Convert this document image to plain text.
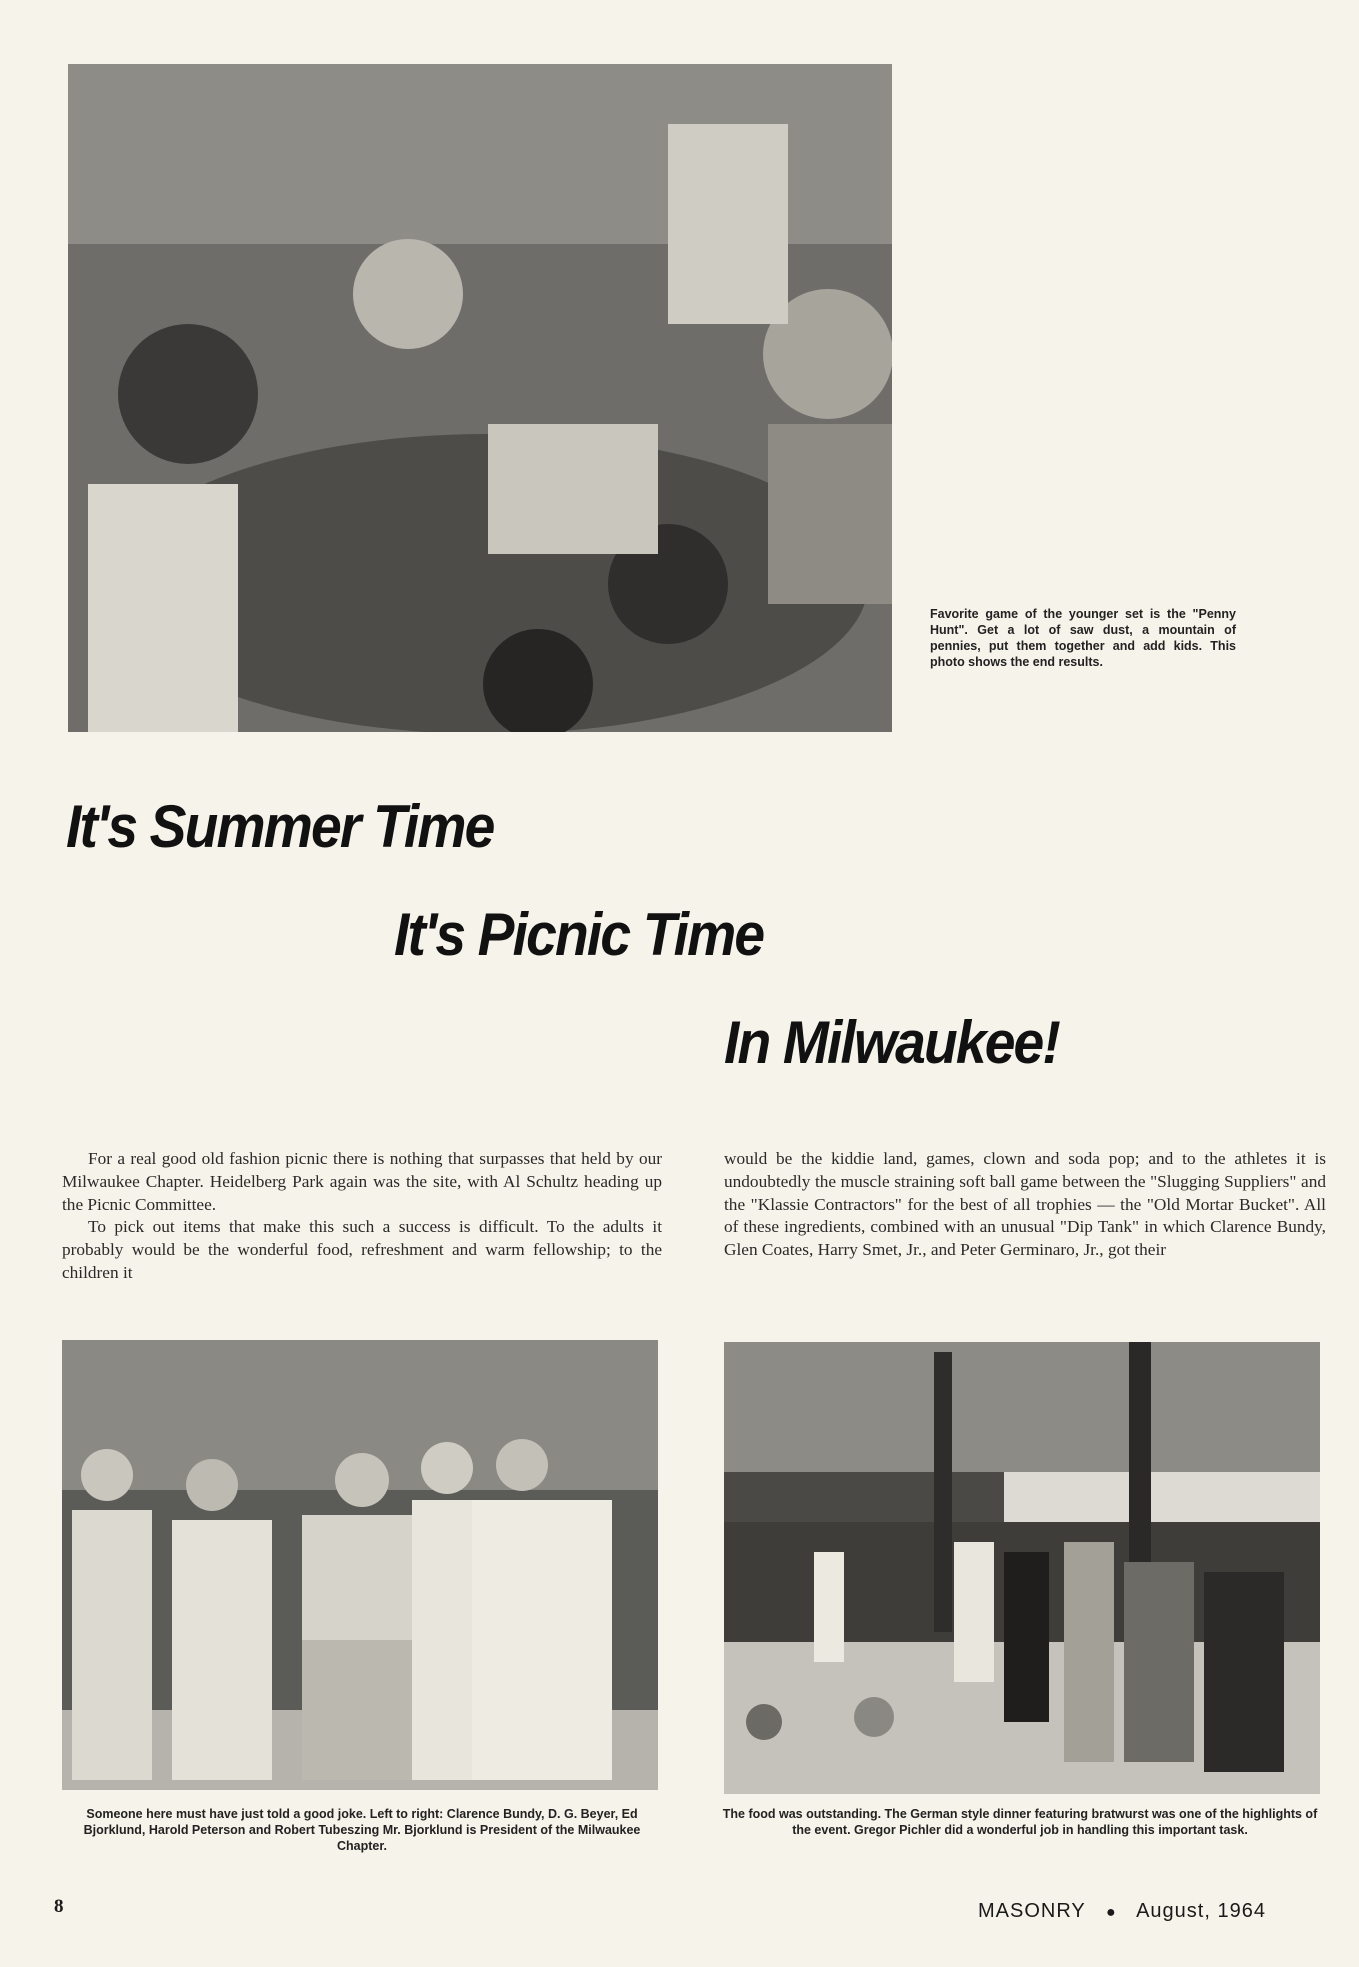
Favorite game of the younger set is the "Penny Hunt". Get a lot of saw dust, a mountain of pennies, put them together and add kids. This photo shows the end results.
It's Summer Time
It's Picnic Time
In Milwaukee!

For a real good old fashion picnic there is nothing that surpasses that held by our Milwaukee Chapter. Heidelberg Park again was the site, with Al Schultz heading up the Picnic Committee.

To pick out items that make this such a success is difficult. To the adults it probably would be the wonderful food, refreshment and warm fellowship; to the children it

would be the kiddie land, games, clown and soda pop; and to the athletes it is undoubtedly the muscle straining soft ball game between the "Slugging Suppliers" and the "Klassie Contractors" for the best of all trophies — the "Old Mortar Bucket". All of these ingredients, combined with an unusual "Dip Tank" in which Clarence Bundy, Glen Coates, Harry Smet, Jr., and Peter Germinaro, Jr., got their

Someone here must have just told a good joke. Left to right: Clarence Bundy, D. G. Beyer, Ed Bjorklund, Harold Peterson and Robert Tubeszing Mr. Bjorklund is President of the Milwaukee Chapter.
The food was outstanding. The German style dinner featuring bratwurst was one of the highlights of the event. Gregor Pichler did a wonderful job in handling this important task.
8	MASONRY ● August, 1964
